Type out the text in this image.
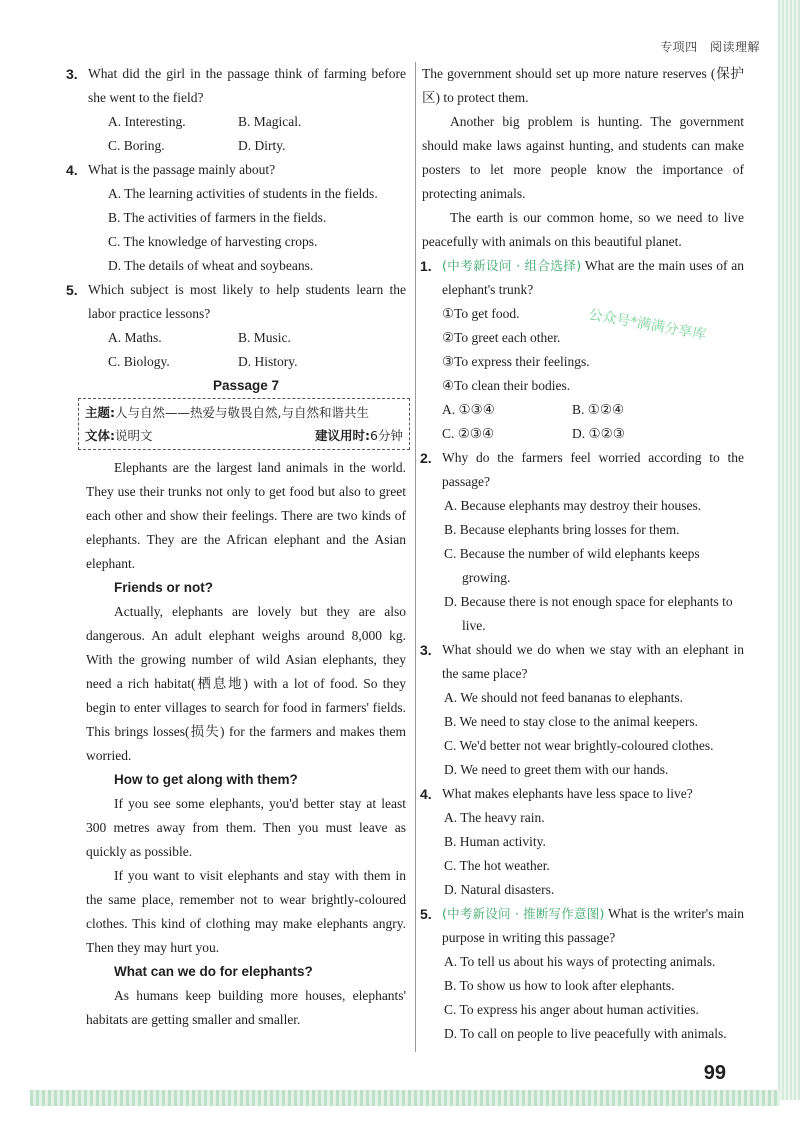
专项四 阅读理解
公众号*满满分享库
3. What did the girl in the passage think of farming before she went to the field?
A. Interesting.	B. Magical.
C. Boring.	D. Dirty.
4. What is the passage mainly about?
A. The learning activities of students in the fields.
B. The activities of farmers in the fields.
C. The knowledge of harvesting crops.
D. The details of wheat and soybeans.
5. Which subject is most likely to help students learn the labor practice lessons?
A. Maths.	B. Music.
C. Biology.	D. History.
Passage 7
主题:人与自然——热爱与敬畏自然,与自然和谐共生
文体:说明文	建议用时:6分钟
Elephants are the largest land animals in the world. They use their trunks not only to get food but also to greet each other and show their feelings. There are two kinds of elephants. They are the African elephant and the Asian elephant.
Friends or not?
Actually, elephants are lovely but they are also dangerous. An adult elephant weighs around 8,000 kg. With the growing number of wild Asian elephants, they need a rich habitat(栖息地) with a lot of food. So they begin to enter villages to search for food in farmers' fields. This brings losses(损失) for the farmers and makes them worried.
How to get along with them?
If you see some elephants, you'd better stay at least 300 metres away from them. Then you must leave as quickly as possible.
If you want to visit elephants and stay with them in the same place, remember not to wear brightly-coloured clothes. This kind of clothing may make elephants angry. Then they may hurt you.
What can we do for elephants?
As humans keep building more houses, elephants' habitats are getting smaller and smaller.
The government should set up more nature reserves (保护区) to protect them.
Another big problem is hunting. The government should make laws against hunting, and students can make posters to let more people know the importance of protecting animals.
The earth is our common home, so we need to live peacefully with animals on this beautiful planet.
1. (中考新设问 · 组合选择) What are the main uses of an elephant's trunk?
①To get food.
②To greet each other.
③To express their feelings.
④To clean their bodies.
A. ①③④	B. ①②④
C. ②③④	D. ①②③
2. Why do the farmers feel worried according to the passage?
A. Because elephants may destroy their houses.
B. Because elephants bring losses for them.
C. Because the number of wild elephants keeps growing.
D. Because there is not enough space for elephants to live.
3. What should we do when we stay with an elephant in the same place?
A. We should not feed bananas to elephants.
B. We need to stay close to the animal keepers.
C. We'd better not wear brightly-coloured clothes.
D. We need to greet them with our hands.
4. What makes elephants have less space to live?
A. The heavy rain.
B. Human activity.
C. The hot weather.
D. Natural disasters.
5. (中考新设问 · 推断写作意图) What is the writer's main purpose in writing this passage?
A. To tell us about his ways of protecting animals.
B. To show us how to look after elephants.
C. To express his anger about human activities.
D. To call on people to live peacefully with animals.
99
